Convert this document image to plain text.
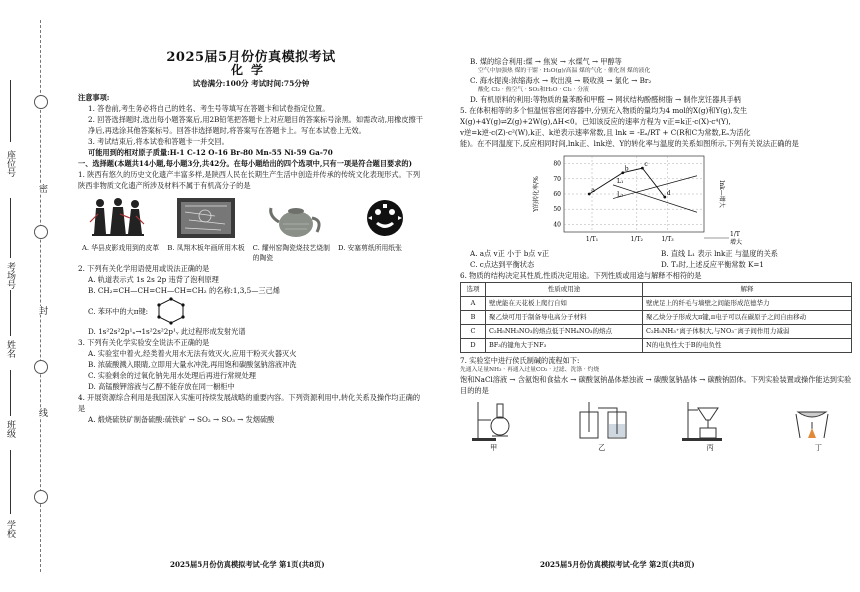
密
封
线
座位号
考场号
姓名
班级
学校
2025届5月份仿真模拟考试
化学
试卷满分:100分 考试时间:75分钟

注意事项:

1. 答卷前,考生务必将自己的姓名、考生号等填写在答题卡和试卷指定位置。

2. 回答选择题时,选出每小题答案后,用2B铅笔把答题卡上对应题目的答案标号涂黑。如需改动,用橡皮擦干净后,再选涂其他答案标号。回答非选择题时,将答案写在答题卡上。写在本试卷上无效。

3. 考试结束后,将本试卷和答题卡一并交回。

可能用到的相对原子质量:H-1 C-12 O-16 Br-80 Mn-55 Ni-59 Ga-70

一、选择题(本题共14小题,每小题3分,共42分。在每小题给出的四个选项中,只有一项是符合题目要求的)

1. 陕西有悠久的历史文化遗产丰富多样,是陕西人民在长期生产生活中创造并传承的传统文化表现形式。下列陕西非物质文化遗产所涉及材料不属于有机高分子的是

A. 华县皮影戏用到的皮革	B. 凤翔木板年画所用木板	C. 耀州窑陶瓷烧技艺烧制的陶瓷
D. 安塞剪纸所用纸张

2. 下列有关化学用语使用或说法正确的是

A. 轨道表示式 1s 2s 2p 违背了泡利原理

B. CH₂=CH—CH=CH—CH=CH₂ 的名称:1,3,5—三己烯

C. 苯环中的大π键:

D. 1s²2s²2p¹ₓ→1s²2s²2p¹ᵧ 此过程形成发射光谱

3. 下列有关化学实验安全说法不正确的是

A. 实验室中着火,经类着火用水无法有效灭火,应用干粉灭火器灭火

B. 浓硫酸溅入眼睛,立即用大量水冲洗,再用饱和碳酸氢钠溶液冲洗

C. 实验剩余的过氧化钠先用水处理后再进行常规处理

D. 高锰酸钾溶液与乙醇不能存放在同一橱柜中

4. 开展资源综合利用是我国深入实施可持续发展战略的重要内容。下列资源利用中,转化关系及操作均正确的是

A. 煅烧硫铁矿制备硫酸:硫铁矿 → SO₂ → SO₃ → 发烟硫酸

2025届5月份仿真模拟考试·化学 第1页(共8页)

B. 煤的综合利用:煤 → 焦炭 → 水煤气 → 甲醇等

空气中加强热 煤的干馏 · H₂O(g)/高温 煤的气化 · 催化剂 煤的液化

C. 海水提溴:浓缩海水 → 吹出溴 → 吸收溴 → 氯化 → Br₂

酸化 Cl₂ · 热空气 · SO₂和H₂O · Cl₂ · 分液

D. 有机原料的利用:等物质的量苯酚和甲醛 → 网状结构酚醛树脂 → 制作烹饪器具手柄

5. 在体积相等的多个恒温恒容密闭容器中,分别充入物质的量均为4 mol的X(g)和Y(g),发生X(g)+4Y(g)⇌Z(g)+2W(g),ΔH<0。已知该反应的速率方程为 v正=k正·c(X)·c⁴(Y),

v逆=k逆·c(Z)·c²(W),k正、k逆表示速率常数,且 lnk = -Eₐ/RT + C(R和C为常数,Eₐ为活化

能)。在不同温度下,反应相同时间,lnk正、lnk逆、Y的转化率与温度的关系如图所示,下列有关说法正确的是

40
50
60
70
80
1/T₁	1/T₂	1/T₃
Y的转化率/%	lnk—增大
增大
1/T
a
b
c
d
L₁
L₂
A. a点 v正 小于 b点 v正	B. 直线 L₁ 表示 lnk正 与温度的关系
C. c点达到平衡状态	D. T₂时,上述反应平衡常数 K=1

6. 物质的结构决定其性质,性质决定用途。下列性质或用途与解释不相符的是

选项	性质或用途	解释
A	壁虎能在天花板上爬行自如	壁虎足上的纤毛与墙壁之间能形成范德华力
B	聚乙炔可用于制备导电高分子材料	聚乙炔分子形成大π键,π电子可以在碳原子之间自由移动
C	C₂H₅NH₃NO₃的熔点低于NH₄NO₃的熔点	C₂H₅NH₃⁺离子体积大,与NO₃⁻离子间作用力减弱
D	BF₃的键角大于NF₃	N的电负性大于B的电负性

7. 实验室中进行侯氏制碱的流程如下:

先通入足量NH₃ · 再通入过量CO₂ · 过滤、洗涤 · 灼烧

饱和NaCl溶液 → 含氨饱和食盐水 → 碳酸氢钠晶体悬浊液 → 碳酸氢钠晶体 → 碳酸钠固体。下列实验装置或操作能达到实验目的的是

甲	乙	丙	丁
2025届5月份仿真模拟考试·化学 第2页(共8页)
